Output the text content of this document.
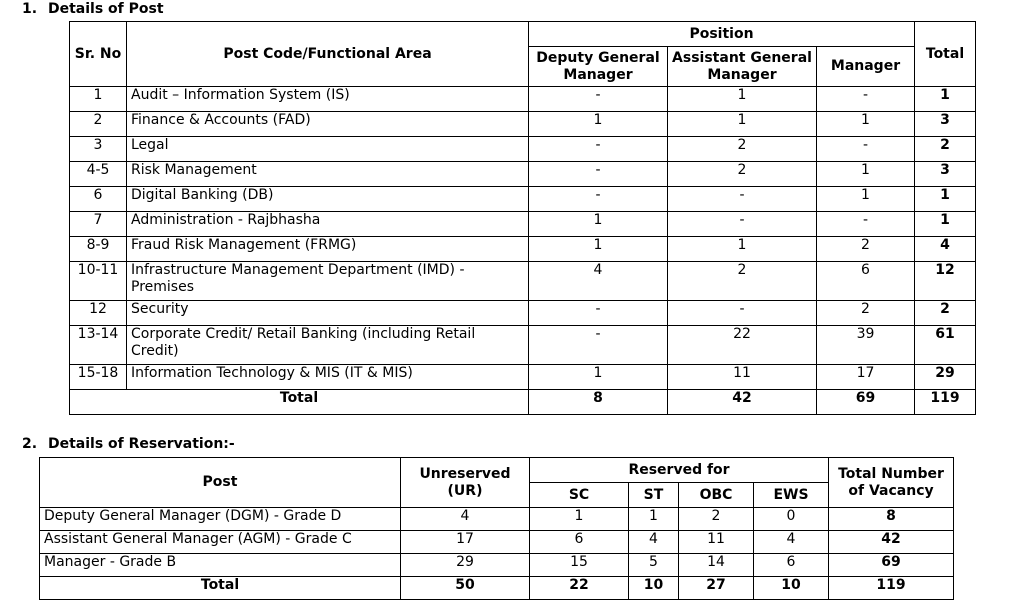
1. Details of Post
Sr. No	Post Code/Functional Area	Position			Total
		Deputy General Manager	Assistant General Manager	Manager	
1	Audit – Information System (IS)	-	1	-	1
2	Finance & Accounts (FAD)	1	1	1	3
3	Legal	-	2	-	2
4-5	Risk Management	-	2	1	3
6	Digital Banking (DB)	-	-	1	1
7	Administration - Rajbhasha	1	-	-	1
8-9	Fraud Risk Management (FRMG)	1	1	2	4
10-11	Infrastructure Management Department (IMD) - Premises	4	2	6	12
12	Security	-	-	2	2
13-14	Corporate Credit/ Retail Banking (including Retail Credit)	-	22	39	61
15-18	Information Technology & MIS (IT & MIS)	1	11	17	29
Total		8	42	69	119
2. Details of Reservation:-
Post	Unreserved (UR)	Reserved for				Total Number of Vacancy
		SC	ST	OBC	EWS	
Deputy General Manager (DGM) - Grade D	4	1	1	2	0	8
Assistant General Manager (AGM) - Grade C	17	6	4	11	4	42
Manager - Grade B	29	15	5	14	6	69
Total	50	22	10	27	10	119
